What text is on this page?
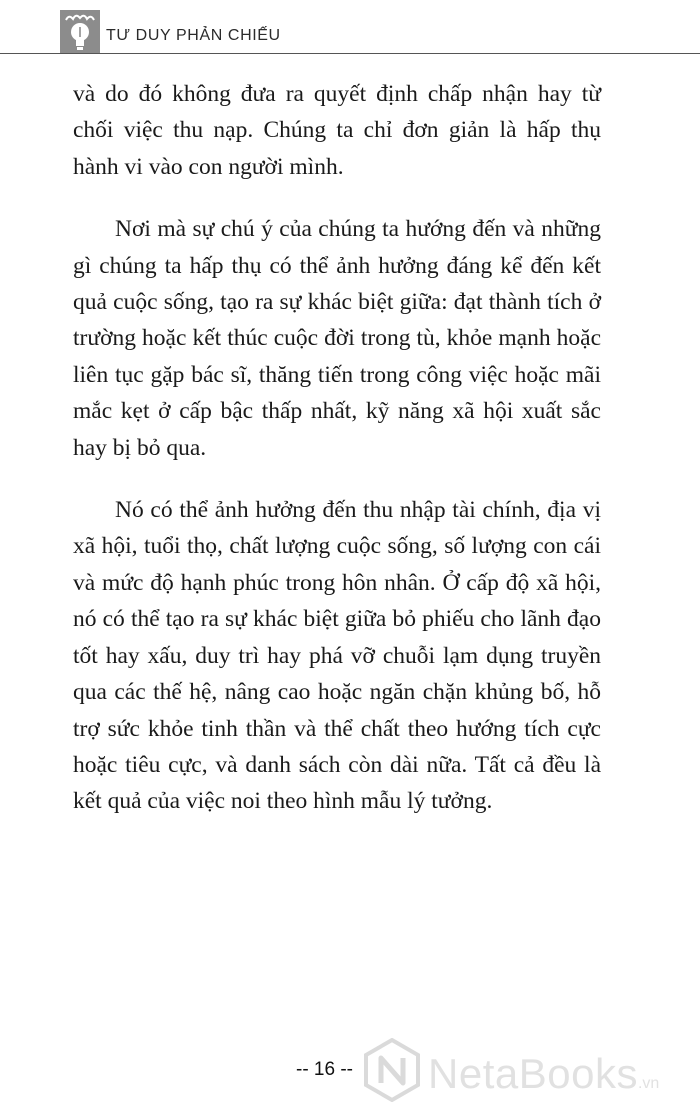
TƯ DUY PHẢN CHIẾU

và do đó không đưa ra quyết định chấp nhận hay từ chối việc thu nạp. Chúng ta chỉ đơn giản là hấp thụ hành vi vào con người mình.

Nơi mà sự chú ý của chúng ta hướng đến và những gì chúng ta hấp thụ có thể ảnh hưởng đáng kể đến kết quả cuộc sống, tạo ra sự khác biệt giữa: đạt thành tích ở trường hoặc kết thúc cuộc đời trong tù, khỏe mạnh hoặc liên tục gặp bác sĩ, thăng tiến trong công việc hoặc mãi mắc kẹt ở cấp bậc thấp nhất, kỹ năng xã hội xuất sắc hay bị bỏ qua.

Nó có thể ảnh hưởng đến thu nhập tài chính, địa vị xã hội, tuổi thọ, chất lượng cuộc sống, số lượng con cái và mức độ hạnh phúc trong hôn nhân. Ở cấp độ xã hội, nó có thể tạo ra sự khác biệt giữa bỏ phiếu cho lãnh đạo tốt hay xấu, duy trì hay phá vỡ chuỗi lạm dụng truyền qua các thế hệ, nâng cao hoặc ngăn chặn khủng bố, hỗ trợ sức khỏe tinh thần và thể chất theo hướng tích cực hoặc tiêu cực, và danh sách còn dài nữa. Tất cả đều là kết quả của việc noi theo hình mẫu lý tưởng.

-- 16 -- NetaBooks.vn
